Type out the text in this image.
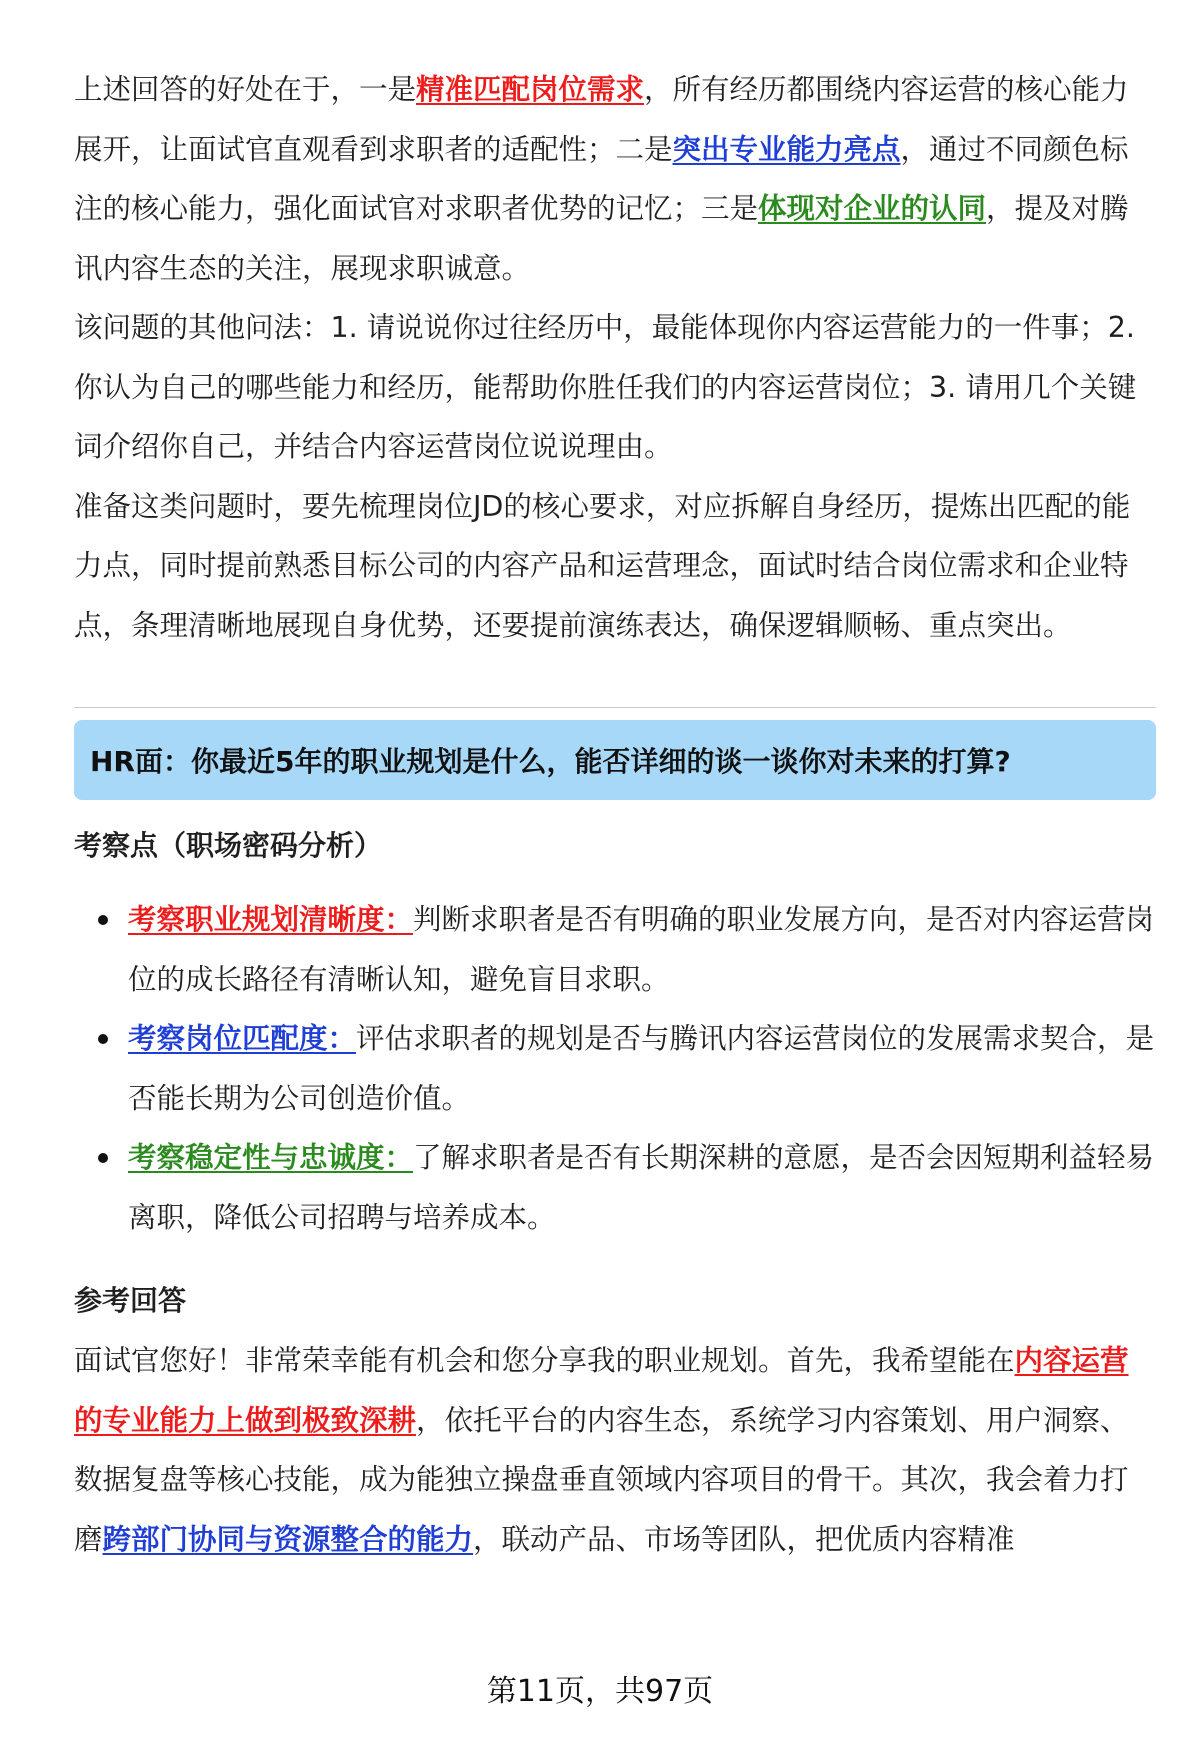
上述回答的好处在于，一是精准匹配岗位需求，所有经历都围绕内容运营的核心能力展开，让面试官直观看到求职者的适配性；二是突出专业能力亮点，通过不同颜色标注的核心能力，强化面试官对求职者优势的记忆；三是体现对企业的认同，提及对腾讯内容生态的关注，展现求职诚意。

该问题的其他问法：1. 请说说你过往经历中，最能体现你内容运营能力的一件事；2. 你认为自己的哪些能力和经历，能帮助你胜任我们的内容运营岗位；3. 请用几个关键词介绍你自己，并结合内容运营岗位说说理由。

准备这类问题时，要先梳理岗位JD的核心要求，对应拆解自身经历，提炼出匹配的能力点，同时提前熟悉目标公司的内容产品和运营理念，面试时结合岗位需求和企业特点，条理清晰地展现自身优势，还要提前演练表达，确保逻辑顺畅、重点突出。

HR面：你最近5年的职业规划是什么，能否详细的谈一谈你对未来的打算?
考察点（职场密码分析）
考察职业规划清晰度：判断求职者是否有明确的职业发展方向，是否对内容运营岗位的成长路径有清晰认知，避免盲目求职。
考察岗位匹配度：评估求职者的规划是否与腾讯内容运营岗位的发展需求契合，是否能长期为公司创造价值。
考察稳定性与忠诚度：了解求职者是否有长期深耕的意愿，是否会因短期利益轻易离职，降低公司招聘与培养成本。
参考回答

面试官您好！非常荣幸能有机会和您分享我的职业规划。首先，我希望能在内容运营的专业能力上做到极致深耕，依托平台的内容生态，系统学习内容策划、用户洞察、数据复盘等核心技能，成为能独立操盘垂直领域内容项目的骨干。其次，我会着力打磨跨部门协同与资源整合的能力，联动产品、市场等团队，把优质内容精准

第11页，共97页
